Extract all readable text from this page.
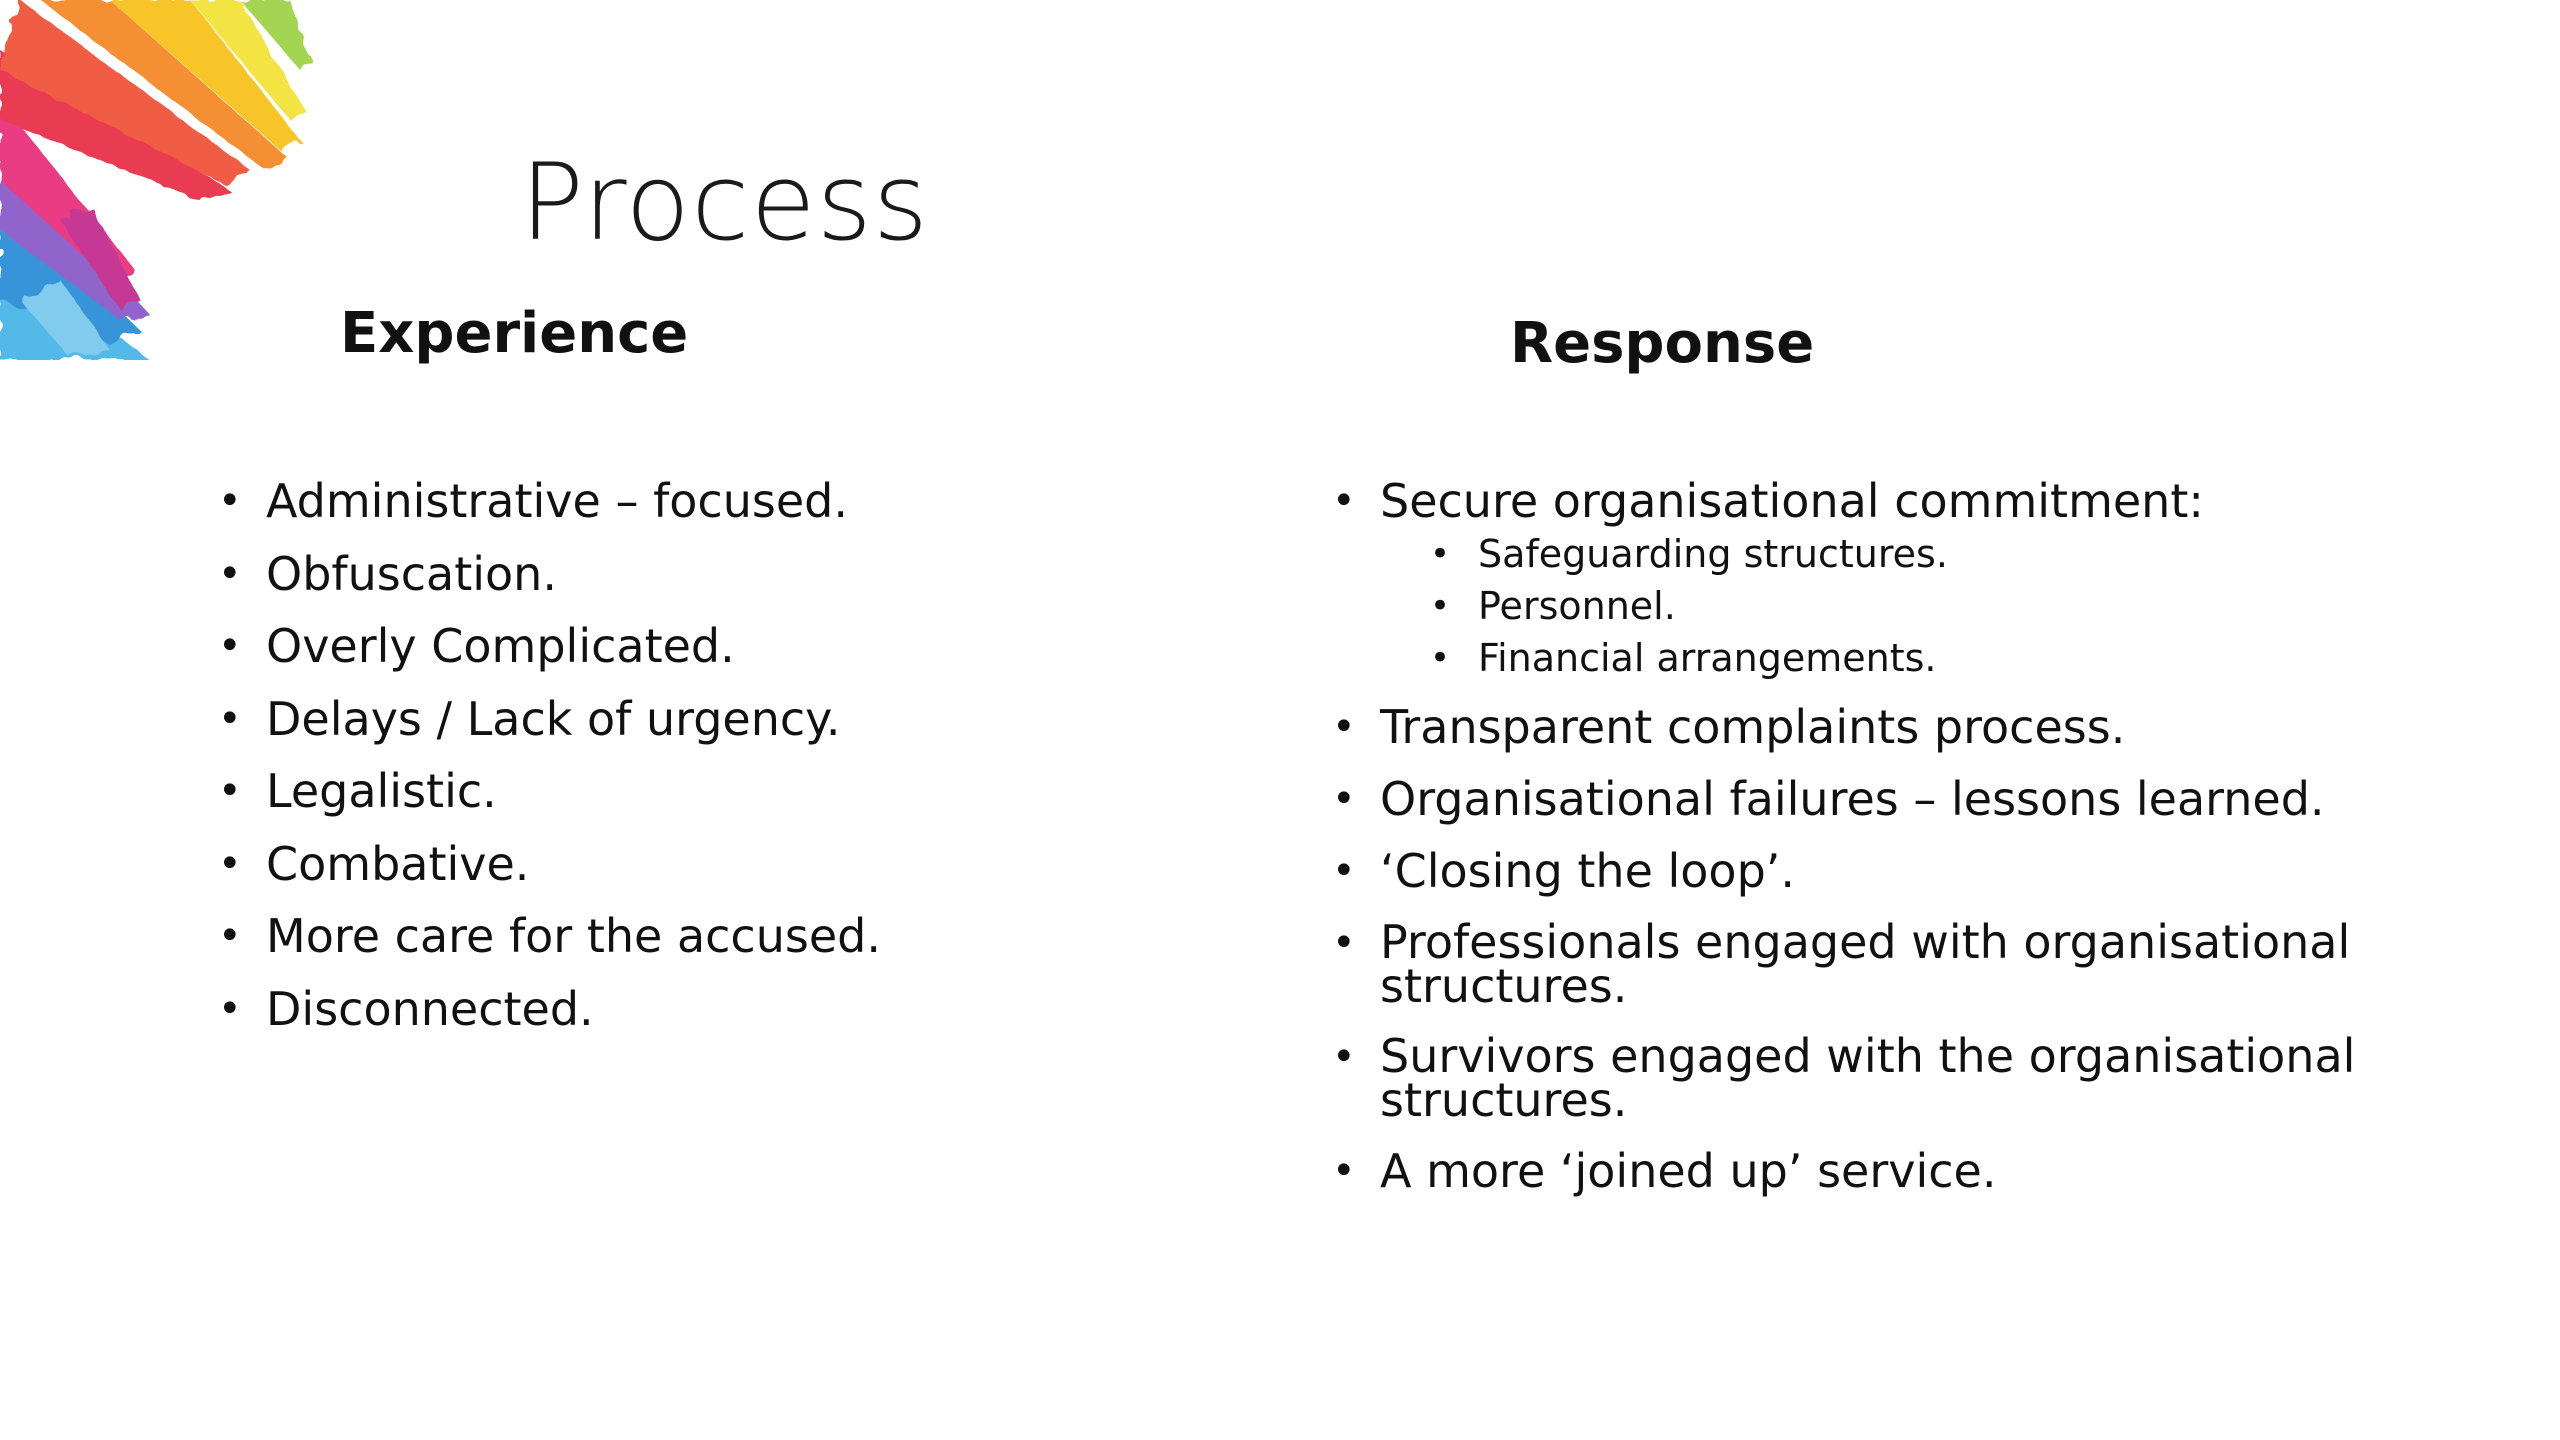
Process
Experience	Response
• Administrative – focused.
• Obfuscation.
• Overly Complicated.
• Delays / Lack of urgency.
• Legalistic.
• Combative.
• More care for the accused.
• Disconnected.
• Secure organisational commitment:
• Safeguarding structures.
• Personnel.
• Financial arrangements.
• Transparent complaints process.
• Organisational failures – lessons learned.
• ‘Closing the loop’.
• Professionals engaged with organisational structures.
• Survivors engaged with the organisational structures.
• A more ‘joined up’ service.
